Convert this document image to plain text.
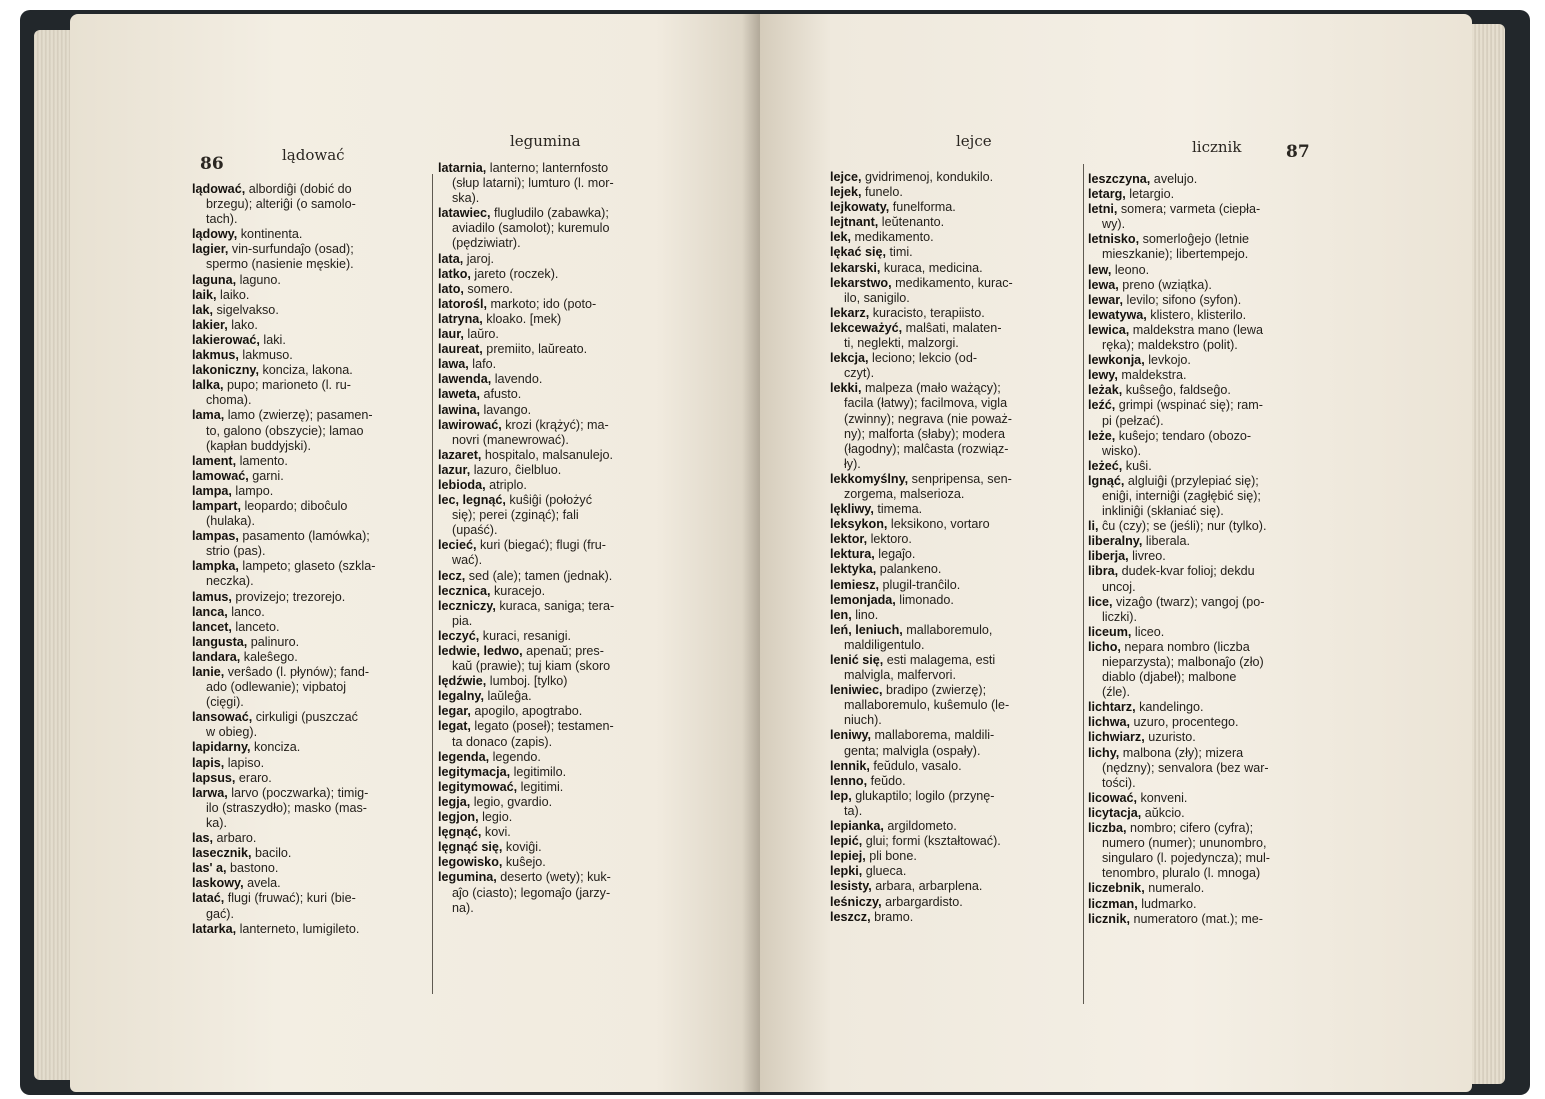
86	lądować
legumina

lądować, albordiĝi (dobić do

brzegu); alteriĝi (o samolo-

tach).

lądowy, kontinenta.

lagier, vin-surfundaĵo (osad);

spermo (nasienie męskie).

laguna, laguno.

laik, laiko.

lak, sigelvakso.

lakier, lako.

lakierować, laki.

lakmus, lakmuso.

lakoniczny, konciza, lakona.

lalka, pupo; marioneto (l. ru-

choma).

lama, lamo (zwierzę); pasamen-

to, galono (obszycie); lamao

(kapłan buddyjski).

lament, lamento.

lamować, garni.

lampa, lampo.

lampart, leopardo; diboĉulo

(hulaka).

lampas, pasamento (lamówka);

strio (pas).

lampka, lampeto; glaseto (szkla-

neczka).

lamus, provizejo; trezorejo.

lanca, lanco.

lancet, lanceto.

langusta, palinuro.

landara, kaleŝego.

lanie, verŝado (l. płynów); fand-

ado (odlewanie); vipbatoj

(cięgi).

lansować, cirkuligi (puszczać

w obieg).

lapidarny, koncizа.

lapis, lapiso.

lapsus, eraro.

larwa, larvo (poczwarka); timig-

ilo (straszydło); masko (mas-

ka).

las, arbaro.

lasecznik, bacilo.

las' a, bastono.

laskowy, avela.

latać, flugi (fruwać); kuri (bie-

gać).

latarka, lanterneto, lumigileto.

latarnia, lanterno; lanternfosto

(słup latarni); lumturo (l. mor-

ska).

latawiec, flugludilo (zabawka);

aviadilo (samolot); kuremulo

(pędziwiatr).

lata, jaroj.

latko, jareto (roczek).

lato, somero.

latorośl, markoto; ido (poto-

latryna, kloako. [mek)

laur, laŭro.

laureat, premiito, laŭreato.

lawa, lafo.

lawenda, lavendo.

laweta, afusto.

lawina, lavango.

lawirować, krozi (krążyć); ma-

novri (manewrować).

lazaret, hospitalo, malsanulejo.

lazur, lazuro, ĉielbluo.

lebioda, atriplo.

lec, legnąć, kuŝiĝi (położyć

się); perei (zginąć); fali

(upaść).

lecieć, kuri (biegać); flugi (fru-

wać).

lecz, sed (ale); tamen (jednak).

lecznica, kuracejo.

leczniczy, kuraca, saniga; tera-

pia.

leczyć, kuraci, resanigi.

ledwie, ledwo, apenaŭ; pres-

kaŭ (prawie); tuj kiam (skoro

lędźwie, lumboj. [tylko)

legalny, laŭleĝa.

legar, apogilo, apogtrabo.

legat, legato (poseł); testamen-

ta donaco (zapis).

legenda, legendo.

legitymacja, legitimilo.

legitymować, legitimi.

legja, legio, gvardio.

legjon, legio.

lęgnąć, kovi.

lęgnąć się, koviĝi.

legowisko, kuŝejo.

legumina, deserto (wety); kuk-

aĵo (ciasto); legomaĵo (jarzy-

na).

lejce	licznik	87

lejce, gvidrimenoj, kondukilo.

lejek, funelo.

lejkowaty, funelforma.

lejtnant, leŭtenanto.

lek, medikamento.

lękać się, timi.

lekarski, kuraca, medicina.

lekarstwo, medikamento, kurac-

ilo, sanigilo.

lekarz, kuracisto, terapiisto.

lekceważyć, malŝati, malaten-

ti, neglekti, malzorgi.

lekcja, leciono; lekcio (od-

czyt).

lekki, malpeza (mało ważący);

facila (łatwy); facilmova, vigla

(zwinny); negrava (nie poważ-

ny); malforta (słaby); modera

(łagodny); malĉasta (rozwiąz-

ły).

lekkomyślny, senpripensa, sen-

zorgema, malserioza.

lękliwy, timema.

leksykon, leksikono, vortaro

lektor, lektoro.

lektura, legaĵo.

lektyka, palankeno.

lemiesz, plugil-tranĉilo.

lemonjada, limonado.

len, lino.

leń, leniuch, mallaboremulo,

maldiligentulo.

lenić się, esti malagema, esti

malvigla, malfervori.

leniwiec, bradipo (zwierzę);

mallaboremulo, kuŝemulo (le-

niuch).

leniwy, mallaborema, maldili-

genta; malvigla (ospały).

lennik, feŭdulo, vasalo.

lenno, feŭdo.

lep, glukaptilo; logilo (przynę-

ta).

lepianka, argildometo.

lepić, glui; formi (kształtować).

lepiej, pli bone.

lepki, glueca.

lesisty, arbara, arbarplena.

leśniczy, arbargardisto.

leszcz, bramo.

leszczyna, avelujo.

letarg, letargio.

letni, somera; varmeta (ciepła-

wy).

letnisko, somerloĝejo (letnie

mieszkanie); libertempejo.

lew, leono.

lewa, preno (wziątka).

lewar, levilo; sifono (syfon).

lewatywa, klistero, klisterilo.

lewica, maldekstra mano (lewa

ręka); maldekstro (polit).

lewkonja, levkojo.

lewy, maldekstra.

leżak, kuŝseĝo, faldseĝo.

leźć, grimpi (wspinać się); ram-

pi (pełzać).

leże, kuŝejo; tendaro (obozo-

wisko).

leżeć, kuŝi.

lgnąć, algluiĝi (przylepiać się);

eniĝi, interniĝi (zagłębić się);

inkliniĝi (skłaniać się).

li, ĉu (czy); se (jeśli); nur (tylko).

liberalny, liberala.

liberja, livreo.

libra, dudek-kvar folioj; dekdu

uncoj.

lice, vizaĝo (twarz); vangoj (po-

liczki).

liceum, liceo.

licho, nepara nombro (liczba

nieparzysta); malbonaĵo (zło)

diablo (djabeł); malbone

(źle).

lichtarz, kandelingo.

lichwa, uzuro, procentego.

lichwiarz, uzuristo.

lichy, malbona (zły); mizera

(nędzny); senvalora (bez war-

tości).

licować, konveni.

licytacja, aŭkcio.

liczba, nombro; cifero (cyfra);

numero (numer); ununombro,

singularo (l. pojedyncza); mul-

tenombro, pluralo (l. mnoga)

liczebnik, numeralo.

liczman, ludmarko.

licznik, numeratoro (mat.); me-
